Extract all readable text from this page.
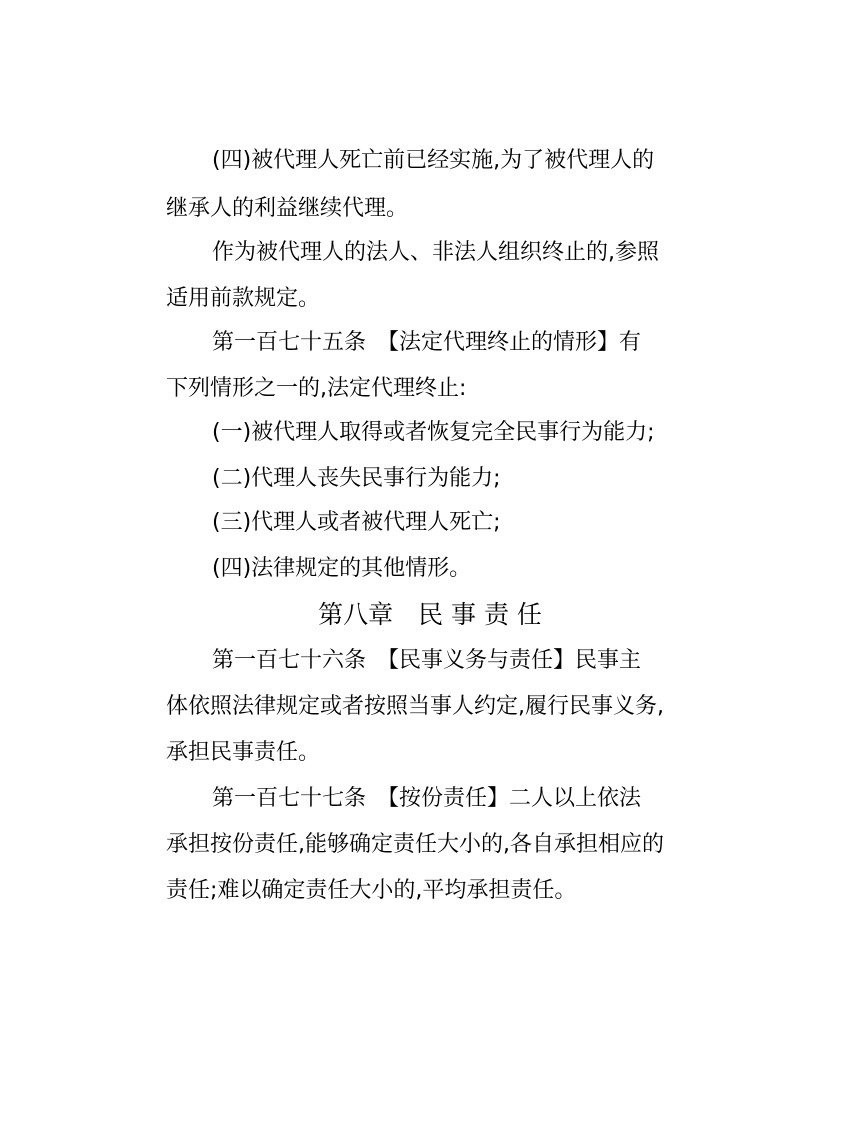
(四)被代理人死亡前已经实施,为了被代理人的
继承人的利益继续代理。
作为被代理人的法人、非法人组织终止的,参照
适用前款规定。
第一百七十五条　【法定代理终止的情形】有
下列情形之一的,法定代理终止:
(一)被代理人取得或者恢复完全民事行为能力;
(二)代理人丧失民事行为能力;
(三)代理人或者被代理人死亡;
(四)法律规定的其他情形。
第八章　民 事 责 任
第一百七十六条　【民事义务与责任】民事主
体依照法律规定或者按照当事人约定,履行民事义务,
承担民事责任。
第一百七十七条　【按份责任】二人以上依法
承担按份责任,能够确定责任大小的,各自承担相应的
责任;难以确定责任大小的,平均承担责任。
